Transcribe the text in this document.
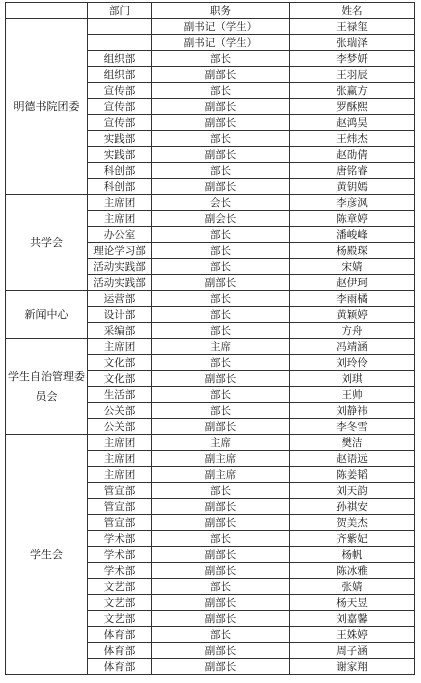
	部门	职务	姓名
明德书院团委		副书记（学生）	王禄玺
		副书记（学生）	张瑞泽
	组织部	部长	李梦妍
	组织部	副部长	王羽辰
	宣传部	部长	张赢方
	宣传部	副部长	罗酥熙
	宣传部	副部长	赵鸿昊
	实践部	部长	王炜杰
	实践部	副部长	赵劭倩
	科创部	部长	唐铭睿
	科创部	副部长	黄钥嫣
共学会	主席团	会长	李彦沨
	主席团	副会长	陈章婷
	办公室	部长	潘峻峰
	理论学习部	部长	杨殿琛
	活动实践部	部长	宋婧
	活动实践部	副部长	赵伊珂
新闻中心	运营部	部长	李雨橘
	设计部	部长	黄颖婷
	采编部	部长	方舟
学生自治管理委员会	主席团	主席	冯靖涵
	文化部	部长	刘玲伶
	文化部	副部长	刘琪
	生活部	部长	王帅
	公关部	部长	刘静祎
	公关部	副部长	李冬雪
学生会	主席团	主席	樊洁
	主席团	副主席	赵语远
	主席团	副主席	陈姜韬
	管宣部	部长	刘天韵
	管宣部	副部长	孙祺安
	管宣部	副部长	贺美杰
	学术部	部长	齐紫妃
	学术部	副部长	杨帆
	学术部	副部长	陈冰雅
	文艺部	部长	张婧
	文艺部	副部长	杨天昱
	文艺部	副部长	刘嘉馨
	体育部	部长	王姝婷
	体育部	副部长	周子涵
	体育部	副部长	谢家翔
